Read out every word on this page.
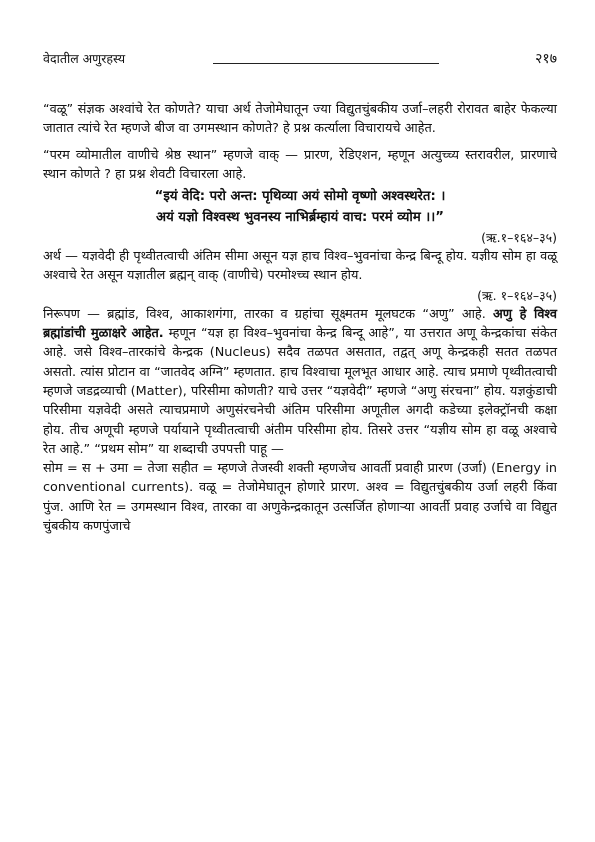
वेदातील अणुरहस्य	२१७

“वळू” संज्ञक अश्वांचे रेत कोणते? याचा अर्थ तेजोमेघातून ज्या विद्युतचुंबकीय उर्जा–लहरी रोरावत बाहेर फेकल्या जातात त्यांचे रेत म्हणजे बीज वा उगमस्थान कोणते? हे प्रश्न कर्त्याला विचारायचे आहेत.

“परम व्योमातील वाणीचे श्रेष्ठ स्थान” म्हणजे वाक् — प्रारण, रेडिएशन, म्हणून अत्युच्च्य स्तरावरील, प्रारणाचे स्थान कोणते ? हा प्रश्न शेवटी विचारला आहे.

“इयं वेदि: परो अन्त: पृथिव्या अयं सोमो वृष्णो अश्वस्थरेत: ।

अयं यज्ञो विश्वस्थ भुवनस्य नाभिर्ब्रम्हायं वाच: परमं व्योम ।।”

(ऋ.१–१६४–३५)

अर्थ — यज्ञवेदी ही पृथ्वीतत्वाची अंतिम सीमा असून यज्ञ हाच विश्व–भुवनांचा केन्द्र बिन्दू होय. यज्ञीय सोम हा वळू अश्वाचे रेत असून यज्ञातील ब्रह्मन् वाक् (वाणीचे) परमोश्च्च स्थान होय.

(ऋ. १–१६४–३५)

निरूपण — ब्रह्मांड, विश्व, आकाशगंगा, तारका व ग्रहांचा सूक्ष्मतम मूलघटक “अणु” आहे. अणु हे विश्व ब्रह्मांडांची मुळाक्षरे आहेत. म्हणून “यज्ञ हा विश्व–भुवनांचा केन्द्र बिन्दू आहे”, या उत्तरात अणू केन्द्रकांचा संकेत आहे. जसे विश्व–तारकांचे केन्द्रक (Nucleus) सदैव तळपत असतात, तद्वत् अणू केन्द्रकही सतत तळपत असतो. त्यांस प्रोटान वा “जातवेद अग्नि” म्हणतात. हाच विश्वाचा मूलभूत आधार आहे. त्याच प्रमाणे पृथ्वीतत्वाची म्हणजे जडद्रव्याची (Matter), परिसीमा कोणती? याचे उत्तर “यज्ञवेदी” म्हणजे “अणु संरचना” होय. यज्ञकुंडाची परिसीमा यज्ञवेदी असते त्याचप्रमाणे अणुसंरचनेची अंतिम परिसीमा अणूतील अगदी कडेच्या इलेक्ट्रॉनची कक्षा होय. तीच अणूची म्हणजे पर्यायाने पृथ्वीतत्वाची अंतीम परिसीमा होय. तिसरे उत्तर “यज्ञीय सोम हा वळू अश्वाचे रेत आहे.” “प्रथम सोम” या शब्दाची उपपत्ती पाहू —

सोम = स + उमा = तेजा सहीत = म्हणजे तेजस्वी शक्ती म्हणजेच आवर्ती प्रवाही प्रारण (उर्जा) (Energy in conventional currents). वळू = तेजोमेघातून होणारे प्रारण. अश्व = विद्युतचुंबकीय उर्जा लहरी किंवा पुंज. आणि रेत = उगमस्थान विश्व, तारका वा अणुकेन्द्रकातून उत्सर्जित होणाऱ्या आवर्ती प्रवाह उर्जाचे वा विद्युत चुंबकीय कणपुंजाचे
